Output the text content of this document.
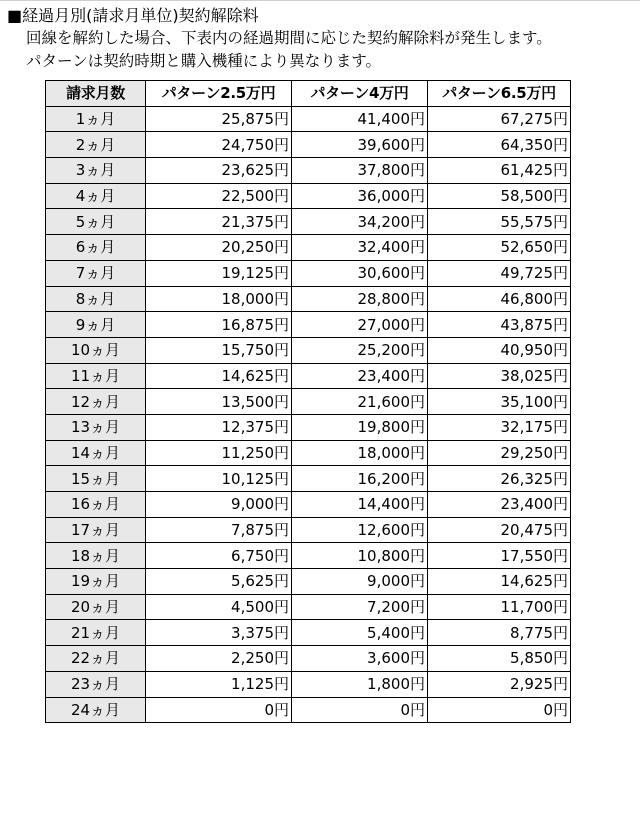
■経過月別(請求月単位)契約解除料
回線を解約した場合、下表内の経過期間に応じた契約解除料が発生します。
パターンは契約時期と購入機種により異なります。
請求月数	パターン2.5万円	パターン4万円	パターン6.5万円
1ヵ月	25,875円	41,400円	67,275円
2ヵ月	24,750円	39,600円	64,350円
3ヵ月	23,625円	37,800円	61,425円
4ヵ月	22,500円	36,000円	58,500円
5ヵ月	21,375円	34,200円	55,575円
6ヵ月	20,250円	32,400円	52,650円
7ヵ月	19,125円	30,600円	49,725円
8ヵ月	18,000円	28,800円	46,800円
9ヵ月	16,875円	27,000円	43,875円
10ヵ月	15,750円	25,200円	40,950円
11ヵ月	14,625円	23,400円	38,025円
12ヵ月	13,500円	21,600円	35,100円
13ヵ月	12,375円	19,800円	32,175円
14ヵ月	11,250円	18,000円	29,250円
15ヵ月	10,125円	16,200円	26,325円
16ヵ月	9,000円	14,400円	23,400円
17ヵ月	7,875円	12,600円	20,475円
18ヵ月	6,750円	10,800円	17,550円
19ヵ月	5,625円	9,000円	14,625円
20ヵ月	4,500円	7,200円	11,700円
21ヵ月	3,375円	5,400円	8,775円
22ヵ月	2,250円	3,600円	5,850円
23ヵ月	1,125円	1,800円	2,925円
24ヵ月	0円	0円	0円
